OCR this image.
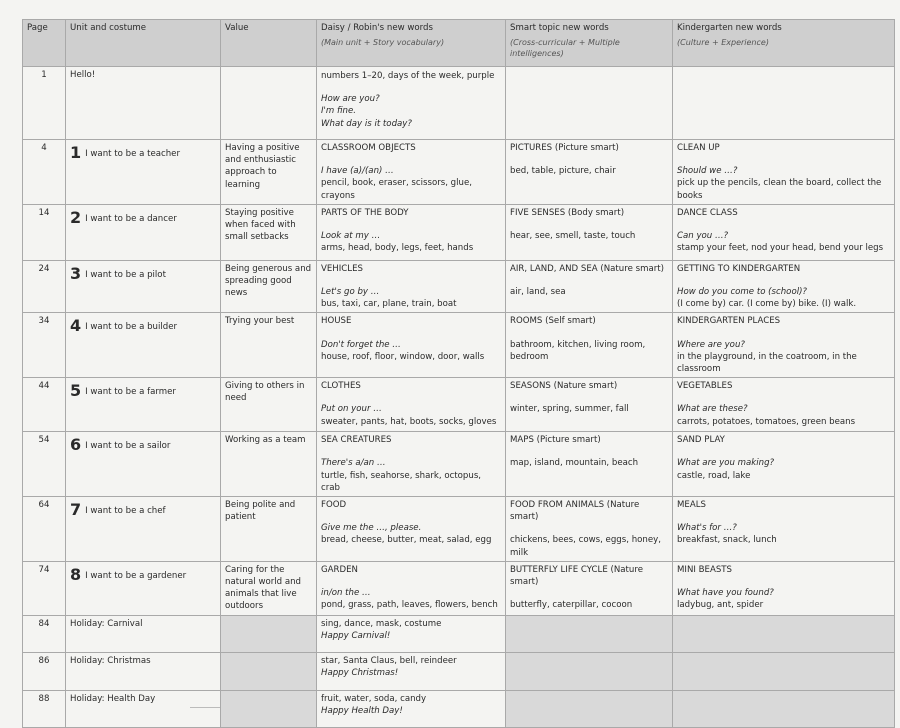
Page	Unit and costume	Value	Daisy / Robin's new words
(Main unit + Story vocabulary)	Smart topic new words
(Cross-curricular + Multiple intelligences)	Kindergarten new words
(Culture + Experience)

1	Hello!		numbers 1–20, days of the week, purple
How are you?
I'm fine.
What day is it today?		

4	1 I want to be a teacher	Having a positive and enthusiastic approach to learning	CLASSROOM OBJECTS
I have (a)/(an) …
pencil, book, eraser, scissors, glue, crayons	PICTURES (Picture smart)
bed, table, picture, chair	CLEAN UP
Should we …?
pick up the pencils, clean the board, collect the books

14	2 I want to be a dancer	Staying positive when faced with small setbacks	PARTS OF THE BODY
Look at my …
arms, head, body, legs, feet, hands	FIVE SENSES (Body smart)
hear, see, smell, taste, touch	DANCE CLASS
Can you …?
stamp your feet, nod your head, bend your legs

24	3 I want to be a pilot	Being generous and spreading good news	VEHICLES
Let's go by …
bus, taxi, car, plane, train, boat	AIR, LAND, AND SEA (Nature smart)
air, land, sea	GETTING TO KINDERGARTEN
How do you come to (school)?
(I come by) car. (I come by) bike. (I) walk.

34	4 I want to be a builder	Trying your best	HOUSE
Don't forget the …
house, roof, floor, window, door, walls	ROOMS (Self smart)
bathroom, kitchen, living room, bedroom	KINDERGARTEN PLACES
Where are you?
in the playground, in the coatroom, in the classroom

44	5 I want to be a farmer	Giving to others in need	CLOTHES
Put on your …
sweater, pants, hat, boots, socks, gloves	SEASONS (Nature smart)
winter, spring, summer, fall	VEGETABLES
What are these?
carrots, potatoes, tomatoes, green beans

54	6 I want to be a sailor	Working as a team	SEA CREATURES
There's a/an …
turtle, fish, seahorse, shark, octopus, crab	MAPS (Picture smart)
map, island, mountain, beach	SAND PLAY
What are you making?
castle, road, lake

64	7 I want to be a chef	Being polite and patient	FOOD
Give me the …, please.
bread, cheese, butter, meat, salad, egg	FOOD FROM ANIMALS (Nature smart)
chickens, bees, cows, eggs, honey, milk	MEALS
What's for …?
breakfast, snack, lunch

74	8 I want to be a gardener	Caring for the natural world and animals that live outdoors	GARDEN
in/on the …
pond, grass, path, leaves, flowers, bench	BUTTERFLY LIFE CYCLE (Nature smart)
butterfly, caterpillar, cocoon	MINI BEASTS
What have you found?
ladybug, ant, spider

84	Holiday: Carnival		sing, dance, mask, costume
Happy Carnival!		

86	Holiday: Christmas		star, Santa Claus, bell, reindeer
Happy Christmas!		

88	Holiday: Health Day		fruit, water, soda, candy
Happy Health Day!		
